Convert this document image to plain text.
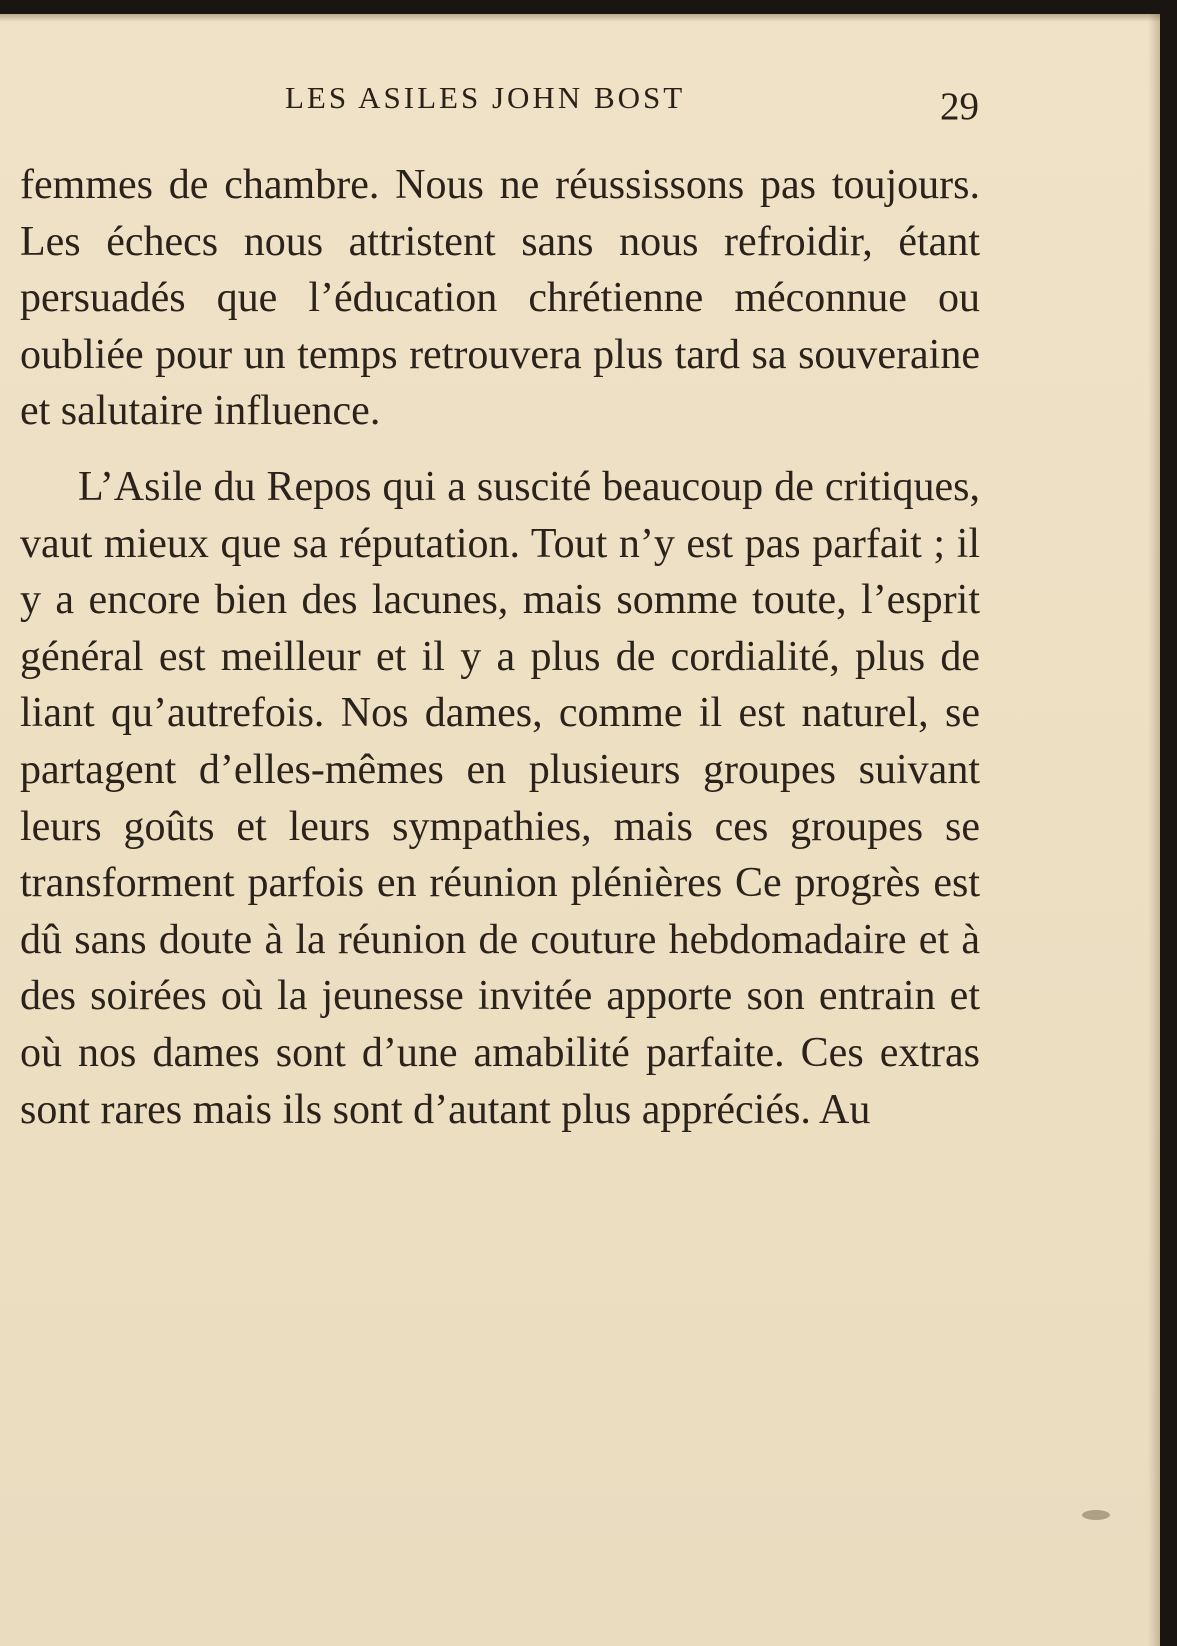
LES ASILES JOHN BOST	29

femmes de chambre. Nous ne réussissons pas toujours. Les échecs nous attristent sans nous refroidir, étant persuadés que l’éducation chrétienne méconnue ou oubliée pour un temps retrouvera plus tard sa souveraine et salutaire influence.

L’Asile du Repos qui a suscité beaucoup de critiques, vaut mieux que sa réputation. Tout n’y est pas parfait ; il y a encore bien des lacunes, mais somme toute, l’esprit général est meilleur et il y a plus de cordialité, plus de liant qu’autrefois. Nos dames, comme il est naturel, se partagent d’elles-mêmes en plusieurs groupes suivant leurs goûts et leurs sympathies, mais ces groupes se transforment parfois en réunion plénières Ce progrès est dû sans doute à la réunion de couture hebdomadaire et à des soirées où la jeunesse invitée apporte son entrain et où nos dames sont d’une amabilité parfaite. Ces extras sont rares mais ils sont d’autant plus appréciés. Au
